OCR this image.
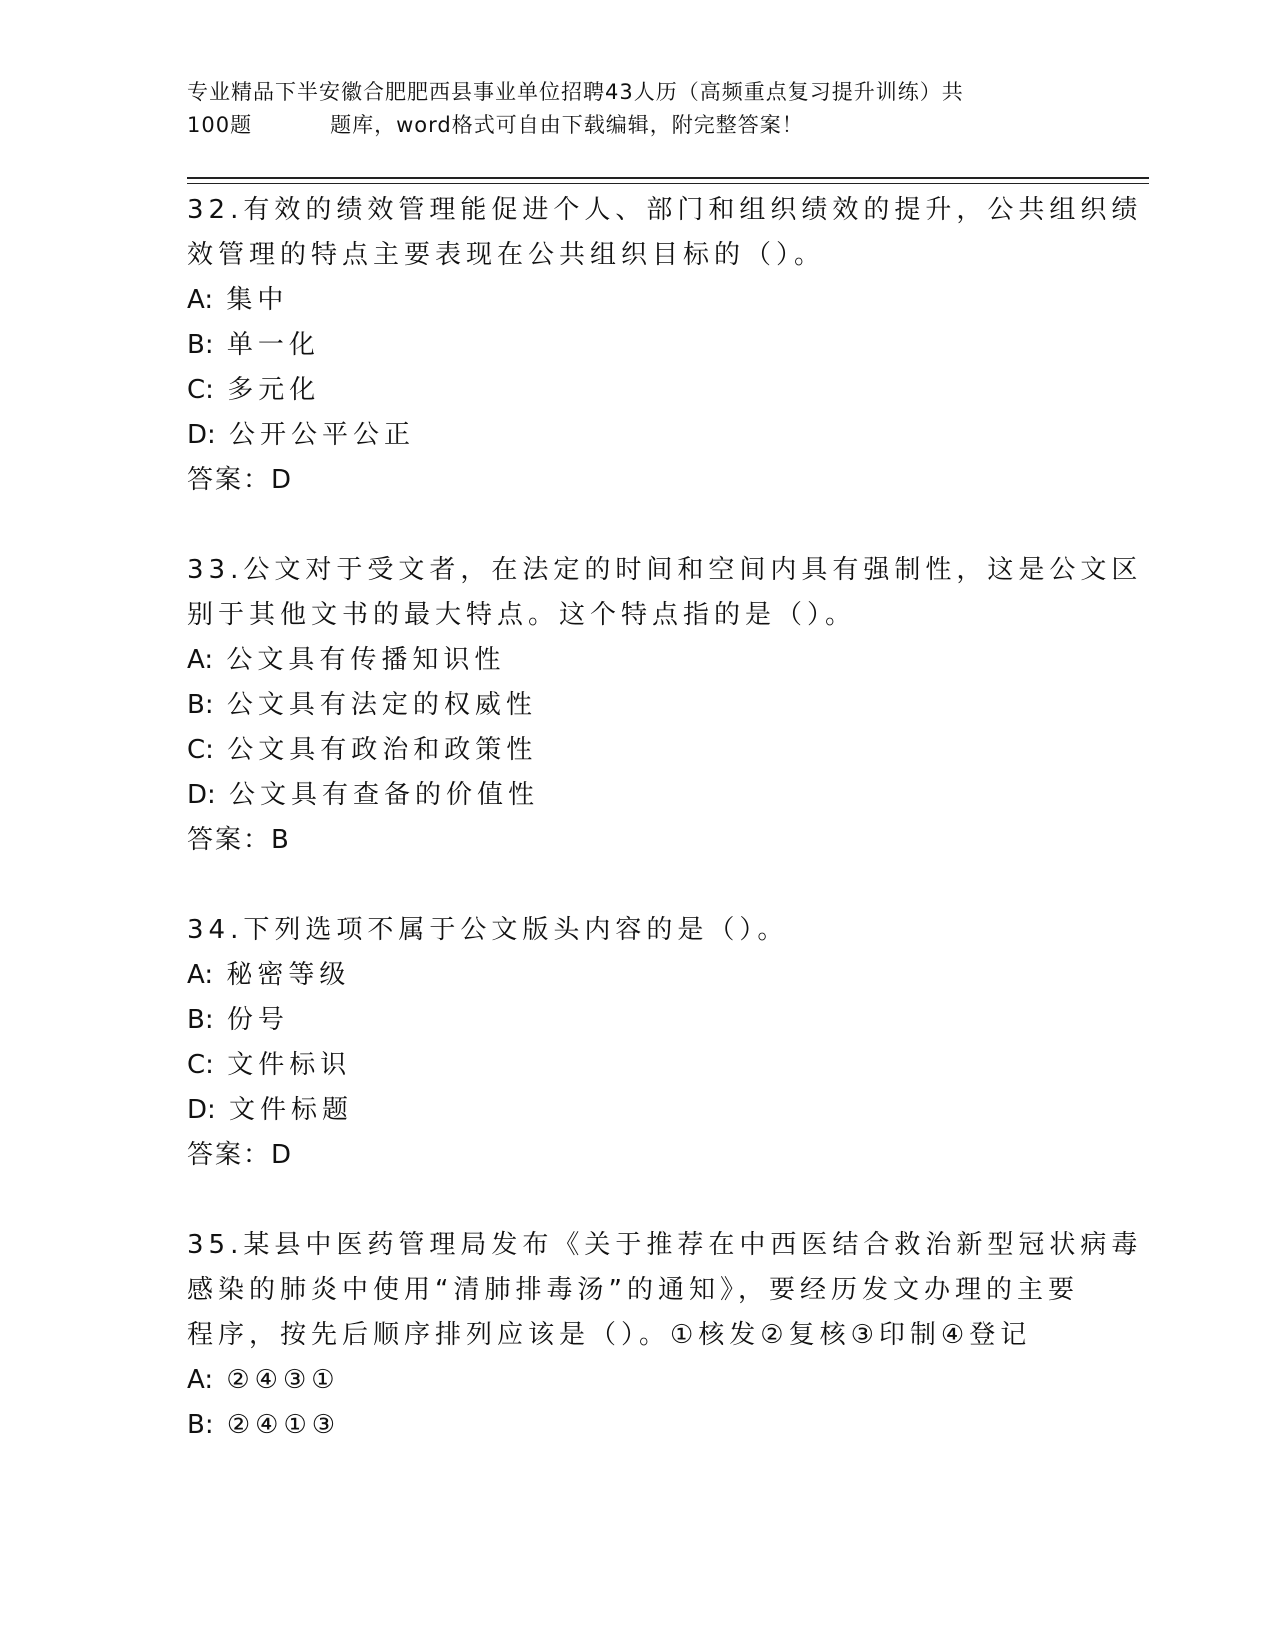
专业精品下半安徽合肥肥西县事业单位招聘43人历（高频重点复习提升训练）共
100题	题库，word格式可自由下载编辑，附完整答案！

32.有效的绩效管理能促进个人、部门和组织绩效的提升，公共组织绩

效管理的特点主要表现在公共组织目标的（）。

A: 集中

B: 单一化

C: 多元化

D: 公开公平公正

答案：D

33.公文对于受文者，在法定的时间和空间内具有强制性，这是公文区

别于其他文书的最大特点。这个特点指的是（）。

A: 公文具有传播知识性

B: 公文具有法定的权威性

C: 公文具有政治和政策性

D: 公文具有查备的价值性

答案：B

34.下列选项不属于公文版头内容的是（）。

A: 秘密等级

B: 份号

C: 文件标识

D: 文件标题

答案：D

35.某县中医药管理局发布《关于推荐在中西医结合救治新型冠状病毒

感染的肺炎中使用“清肺排毒汤”的通知》，要经历发文办理的主要

程序，按先后顺序排列应该是（）。①核发②复核③印制④登记

A: ②④③①

B: ②④①③
